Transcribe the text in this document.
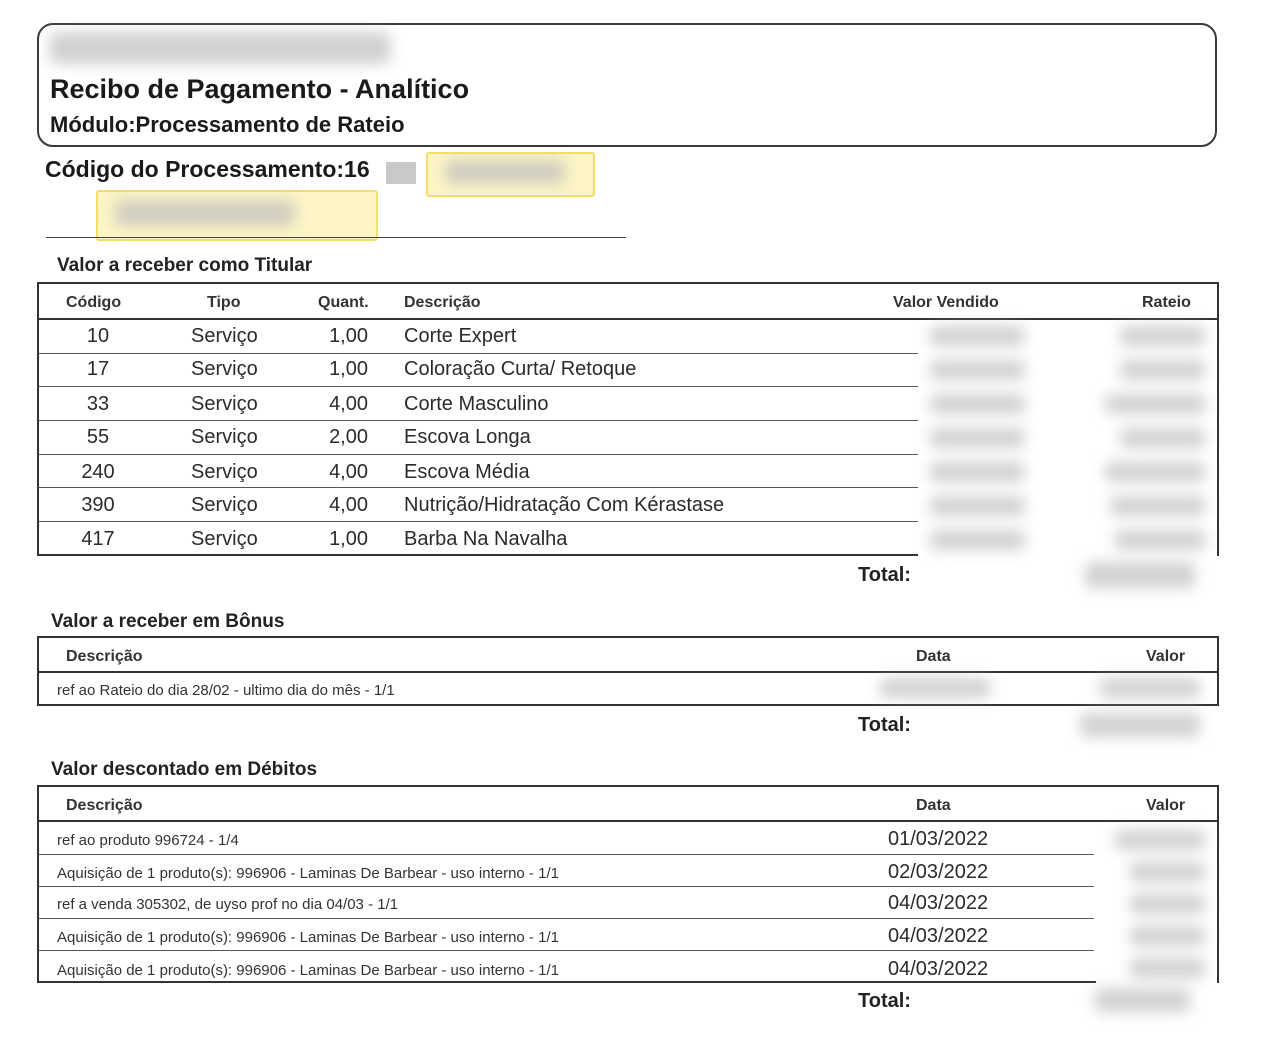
Recibo de Pagamento - Analítico
Módulo:Processamento de Rateio
Código do Processamento:16
Valor a receber como Titular
Código	Tipo	Quant. Descrição	Valor Vendido	Rateio
10	Serviço	1,00 Corte Expert
17	Serviço	1,00 Coloração Curta/ Retoque
33	Serviço	4,00 Corte Masculino
55	Serviço	2,00 Escova Longa
240	Serviço	4,00 Escova Média
390	Serviço	4,00 Nutrição/Hidratação Com Kérastase
417	Serviço	1,00 Barba Na Navalha
Total:
Valor a receber em Bônus
Descrição	Data	Valor
ref ao Rateio do dia 28/02 - ultimo dia do mês - 1/1
Total:
Valor descontado em Débitos
Descrição	Data	Valor
ref ao produto 996724 - 1/4	01/03/2022
Aquisição de 1 produto(s): 996906 - Laminas De Barbear - uso interno - 1/1	02/03/2022
ref a venda 305302, de uyso prof no dia 04/03 - 1/1	04/03/2022
Aquisição de 1 produto(s): 996906 - Laminas De Barbear - uso interno - 1/1	04/03/2022
Aquisição de 1 produto(s): 996906 - Laminas De Barbear - uso interno - 1/1	04/03/2022
Total:
